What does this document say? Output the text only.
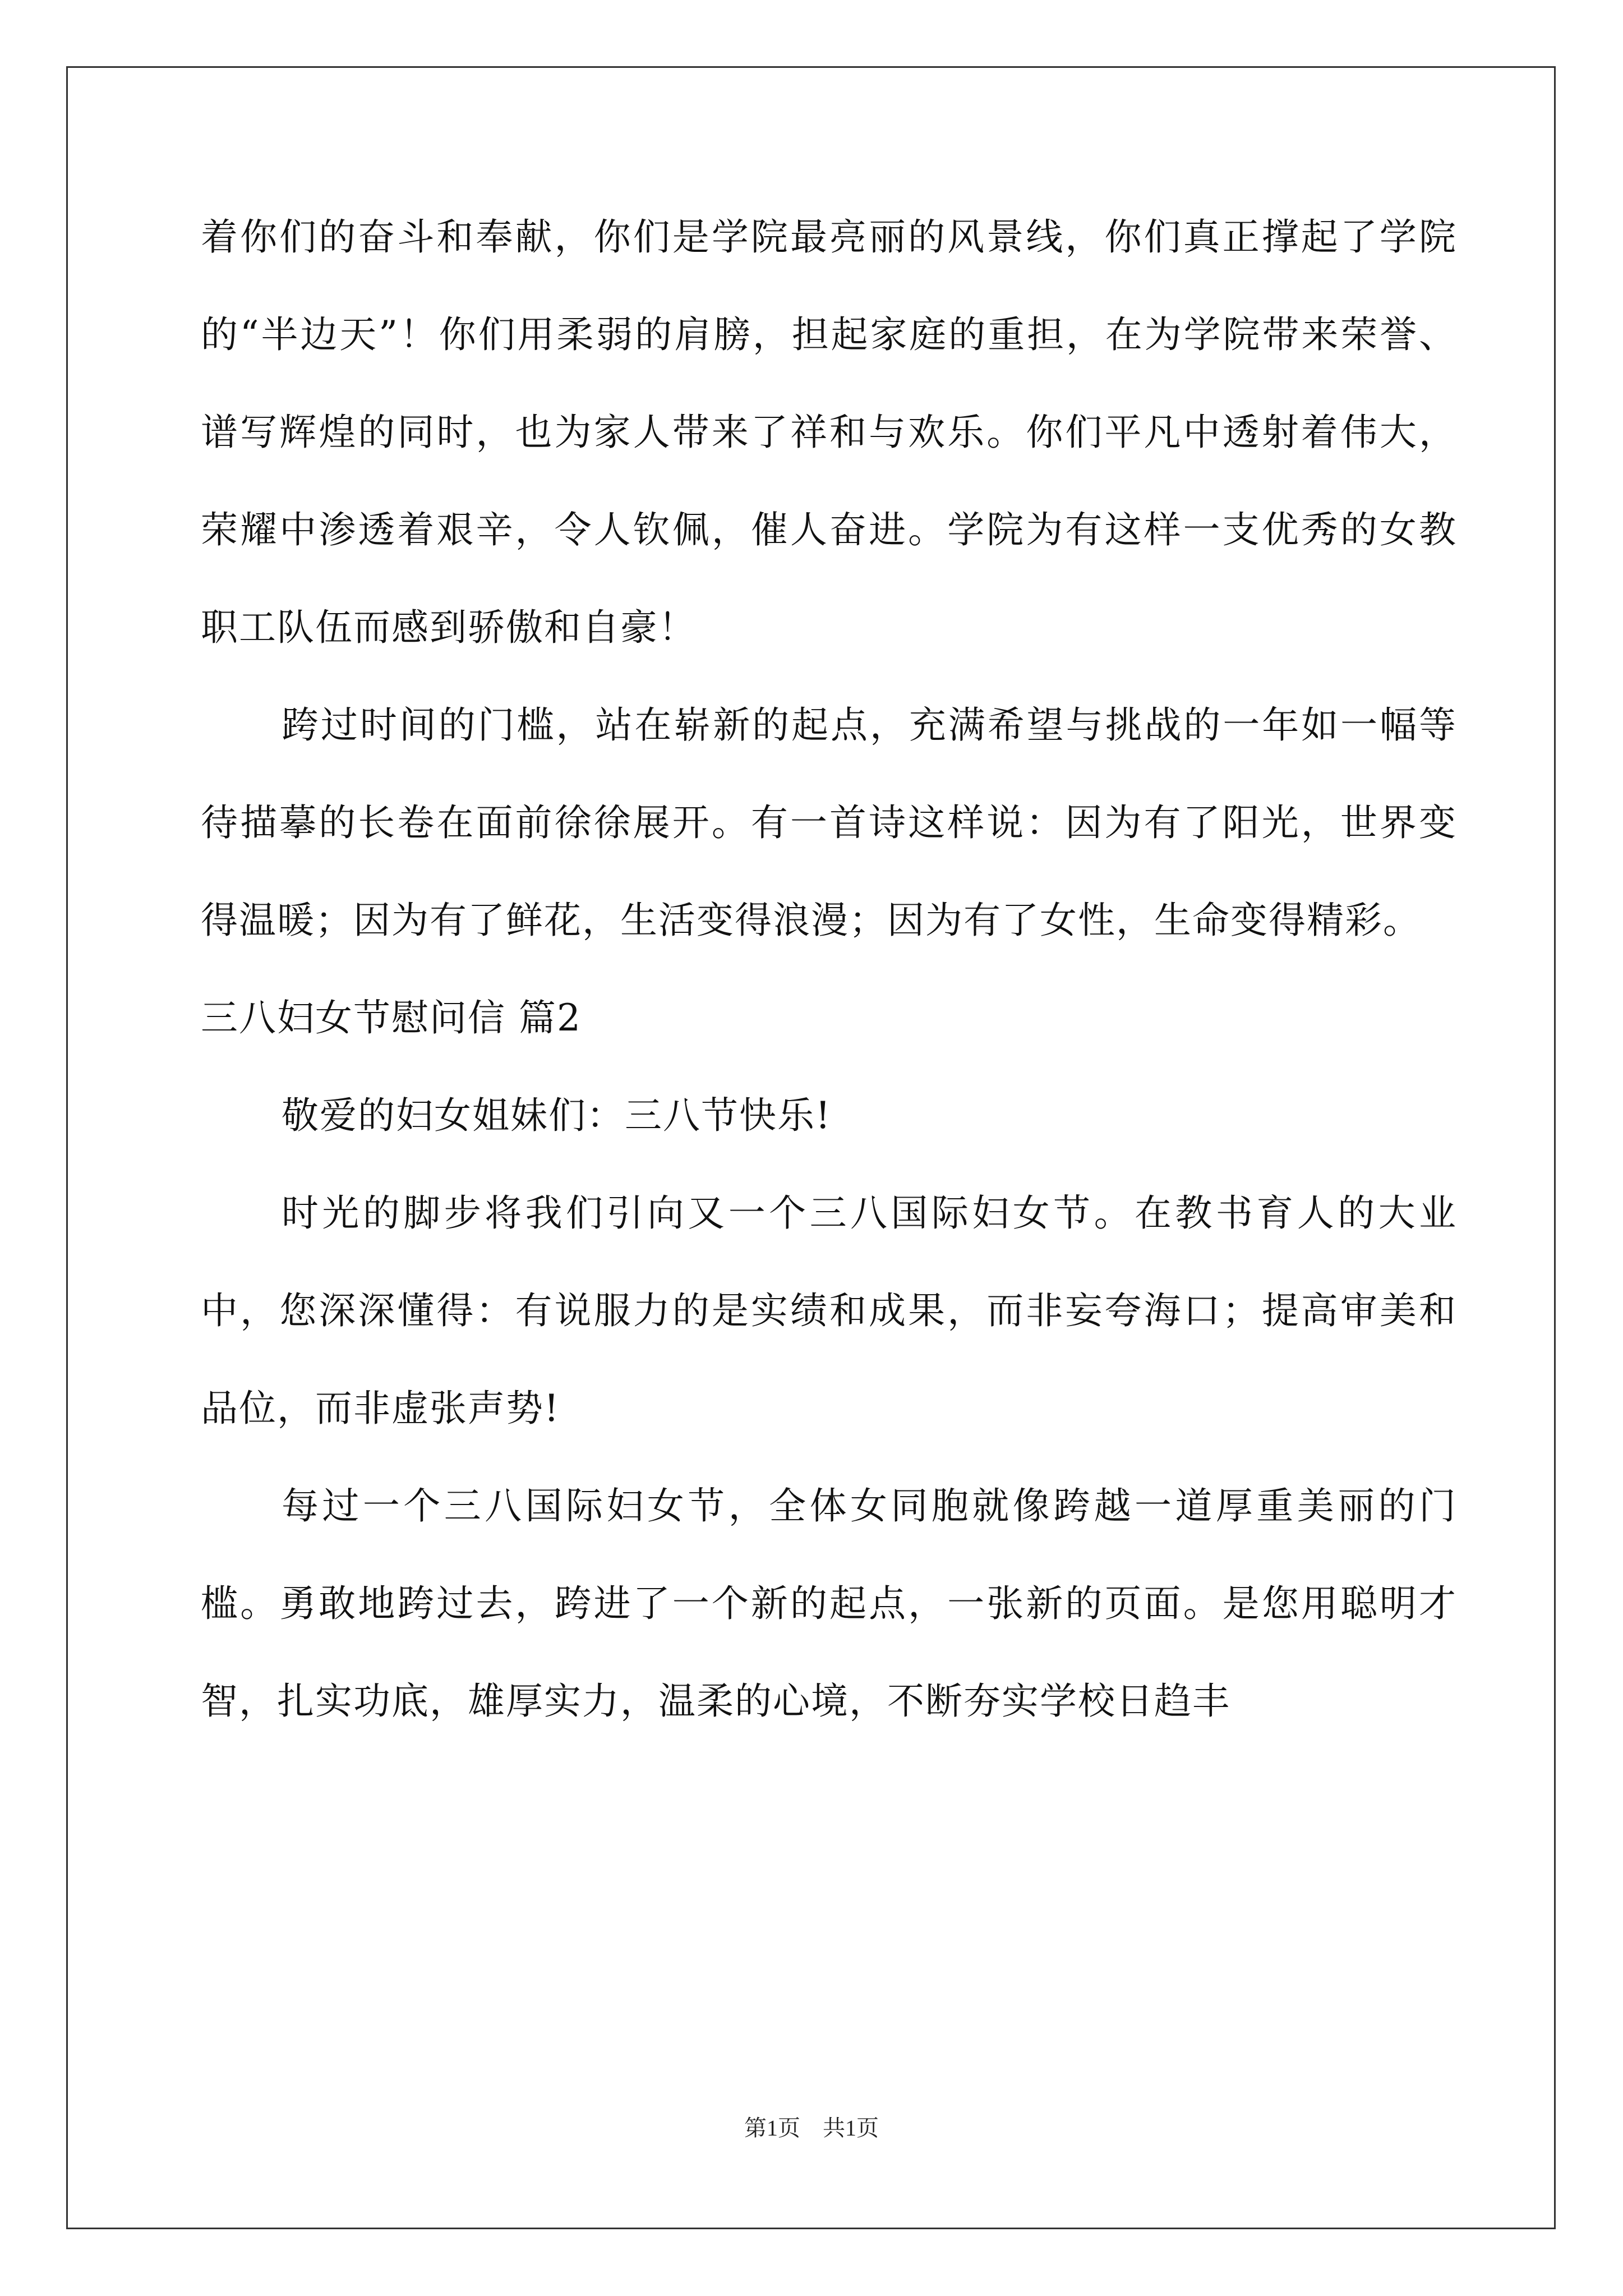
着你们的奋斗和奉献，你们是学院最亮丽的风景线，你们真正撑起了学院的“半边天”！你们用柔弱的肩膀，担起家庭的重担，在为学院带来荣誉、谱写辉煌的同时，也为家人带来了祥和与欢乐。你们平凡中透射着伟大，荣耀中渗透着艰辛，令人钦佩，催人奋进。学院为有这样一支优秀的女教职工队伍而感到骄傲和自豪！

跨过时间的门槛，站在崭新的起点，充满希望与挑战的一年如一幅等待描摹的长卷在面前徐徐展开。有一首诗这样说：因为有了阳光，世界变得温暖；因为有了鲜花，生活变得浪漫；因为有了女性，生命变得精彩。

三八妇女节慰问信 篇2

敬爱的妇女姐妹们：三八节快乐!

时光的脚步将我们引向又一个三八国际妇女节。在教书育人的大业中，您深深懂得：有说服力的是实绩和成果，而非妄夸海口；提高审美和品位，而非虚张声势!

每过一个三八国际妇女节，全体女同胞就像跨越一道厚重美丽的门槛。勇敢地跨过去，跨进了一个新的起点，一张新的页面。是您用聪明才智，扎实功底，雄厚实力，温柔的心境，不断夯实学校日趋丰

第1页　共1页
